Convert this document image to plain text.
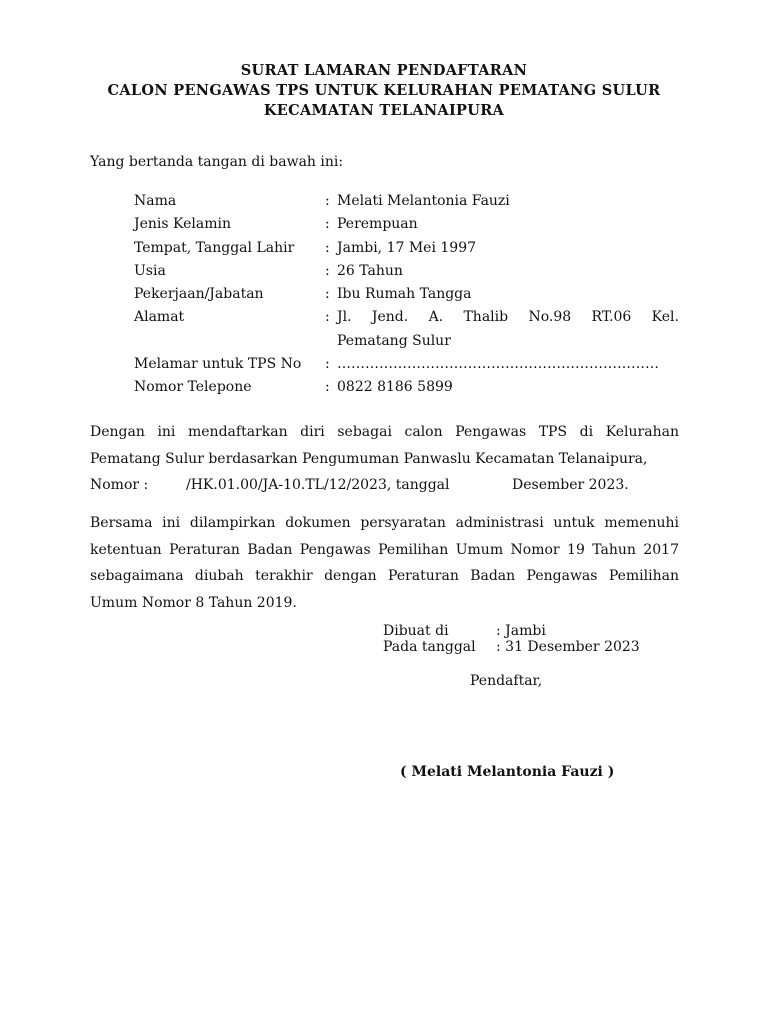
SURAT LAMARAN PENDAFTARAN
CALON PENGAWAS TPS UNTUK KELURAHAN PEMATANG SULUR
KECAMATAN TELANAIPURA
Yang bertanda tangan di bawah ini:
Nama	: Melati Melantonia Fauzi
Jenis Kelamin	: Perempuan
Tempat, Tanggal Lahir	: Jambi, 17 Mei 1997
Usia	: 26 Tahun
Pekerjaan/Jabatan	: Ibu Rumah Tangga
Alamat	: Jl. Jend. A. Thalib No.98 RT.06 Kel.
Pematang Sulur
Melamar untuk TPS No	: ……………………………………………………………
Nomor Telepone	: 0822 8186 5899
Dengan ini mendaftarkan diri sebagai calon Pengawas TPS di Kelurahan
Pematang Sulur berdasarkan Pengumuman Panwaslu Kecamatan Telanaipura,
Nomor :	/HK.01.00/JA-10.TL/12/2023, tanggal	Desember 2023.
Bersama ini dilampirkan dokumen persyaratan administrasi untuk memenuhi
ketentuan Peraturan Badan Pengawas Pemilihan Umum Nomor 19 Tahun 2017
sebagaimana diubah terakhir dengan Peraturan Badan Pengawas Pemilihan
Umum Nomor 8 Tahun 2019.
Dibuat di	: Jambi
Pada tanggal	: 31 Desember 2023
Pendaftar,
( Melati Melantonia Fauzi )
